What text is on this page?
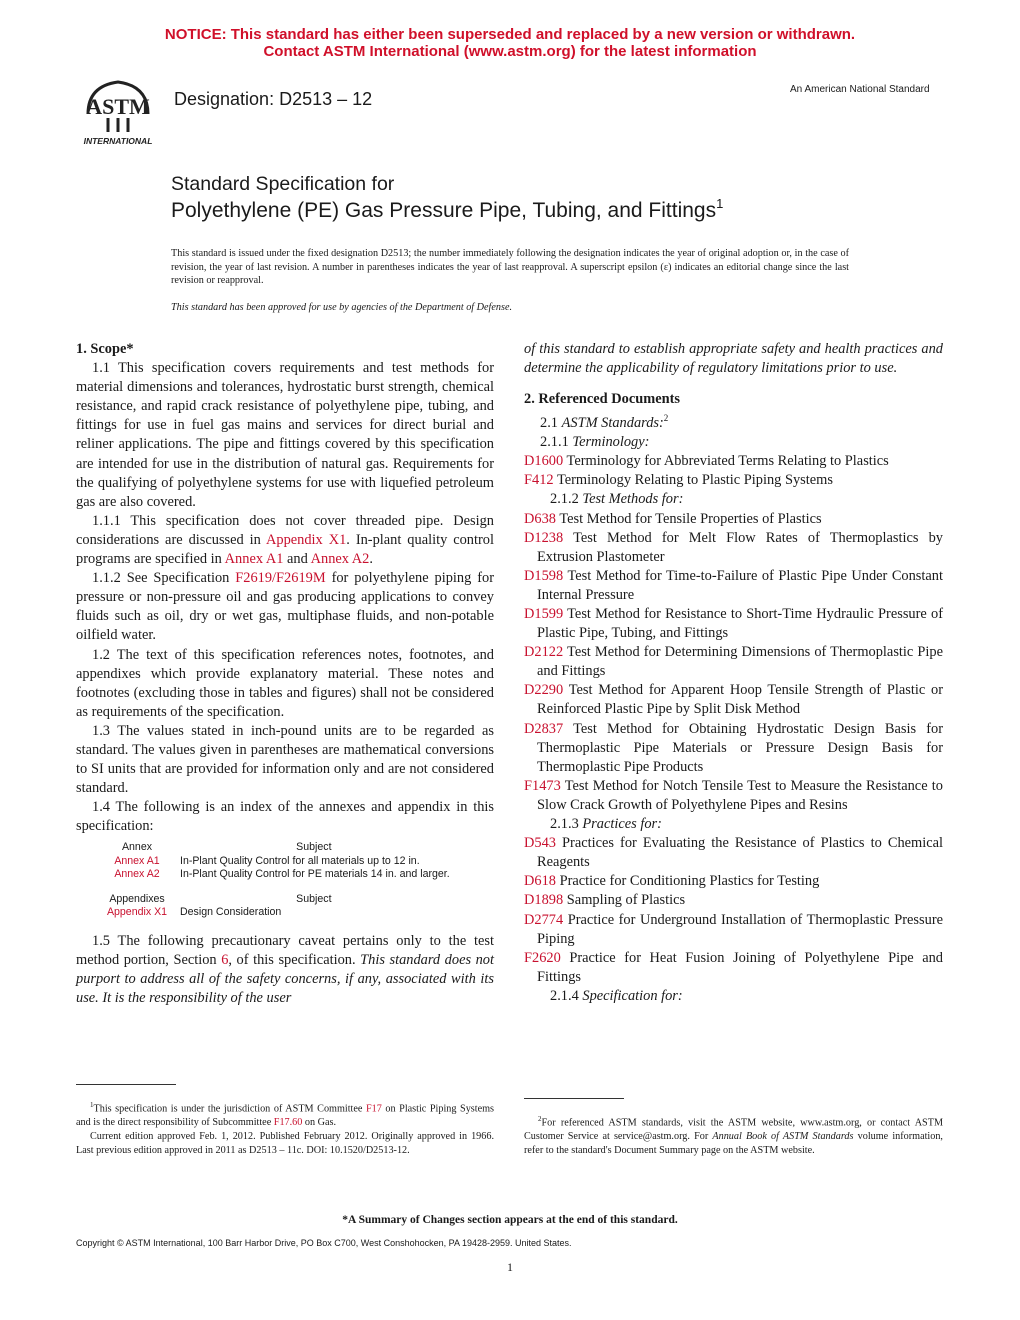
NOTICE: This standard has either been superseded and replaced by a new version or withdrawn.
Contact ASTM International (www.astm.org) for the latest information
ASTM
INTERNATIONAL
Designation: D2513 – 12	An American National Standard
Standard Specification for
Polyethylene (PE) Gas Pressure Pipe, Tubing, and Fittings$^1$
This standard is issued under the fixed designation D2513; the number immediately following the designation indicates the year of original adoption or, in the case of revision, the year of last revision. A number in parentheses indicates the year of last reapproval. A superscript epsilon (ε) indicates an editorial change since the last revision or reapproval.
This standard has been approved for use by agencies of the Department of Defense.

1. Scope*

1.1 This specification covers requirements and test methods for material dimensions and tolerances, hydrostatic burst strength, chemical resistance, and rapid crack resistance of polyethylene pipe, tubing, and fittings for use in fuel gas mains and services for direct burial and reliner applications. The pipe and fittings covered by this specification are intended for use in the distribution of natural gas. Requirements for the qualifying of polyethylene systems for use with liquefied petroleum gas are also covered.

1.1.1 This specification does not cover threaded pipe. Design considerations are discussed in Appendix X1. In-plant quality control programs are specified in Annex A1 and Annex A2.

1.1.2 See Specification F2619/F2619M for polyethylene piping for pressure or non-pressure oil and gas producing applications to convey fluids such as oil, dry or wet gas, multiphase fluids, and non-potable oilfield water.

1.2 The text of this specification references notes, footnotes, and appendixes which provide explanatory material. These notes and footnotes (excluding those in tables and figures) shall not be considered as requirements of the specification.

1.3 The values stated in inch-pound units are to be regarded as standard. The values given in parentheses are mathematical conversions to SI units that are provided for information only and are not considered standard.

1.4 The following is an index of the annexes and appendix in this specification:

Annex	Subject
Annex A1	In-Plant Quality Control for all materials up to 12 in.
Annex A2	In-Plant Quality Control for PE materials 14 in. and larger.

Appendixes	Subject
Appendix X1	Design Consideration

1.5 The following precautionary caveat pertains only to the test method portion, Section 6, of this specification. This standard does not purport to address all of the safety concerns, if any, associated with its use. It is the responsibility of the user

of this standard to establish appropriate safety and health practices and determine the applicability of regulatory limitations prior to use.

2. Referenced Documents

2.1 ASTM Standards:$^2$

2.1.1 Terminology:

D1600 Terminology for Abbreviated Terms Relating to Plastics

F412 Terminology Relating to Plastic Piping Systems

2.1.2 Test Methods for:

D638 Test Method for Tensile Properties of Plastics

D1238 Test Method for Melt Flow Rates of Thermoplastics by Extrusion Plastometer

D1598 Test Method for Time-to-Failure of Plastic Pipe Under Constant Internal Pressure

D1599 Test Method for Resistance to Short-Time Hydraulic Pressure of Plastic Pipe, Tubing, and Fittings

D2122 Test Method for Determining Dimensions of Thermoplastic Pipe and Fittings

D2290 Test Method for Apparent Hoop Tensile Strength of Plastic or Reinforced Plastic Pipe by Split Disk Method

D2837 Test Method for Obtaining Hydrostatic Design Basis for Thermoplastic Pipe Materials or Pressure Design Basis for Thermoplastic Pipe Products

F1473 Test Method for Notch Tensile Test to Measure the Resistance to Slow Crack Growth of Polyethylene Pipes and Resins

2.1.3 Practices for:

D543 Practices for Evaluating the Resistance of Plastics to Chemical Reagents

D618 Practice for Conditioning Plastics for Testing

D1898 Sampling of Plastics

D2774 Practice for Underground Installation of Thermoplastic Pressure Piping

F2620 Practice for Heat Fusion Joining of Polyethylene Pipe and Fittings

2.1.4 Specification for:

$^1$This specification is under the jurisdiction of ASTM Committee F17 on Plastic Piping Systems and is the direct responsibility of Subcommittee F17.60 on Gas.
Current edition approved Feb. 1, 2012. Published February 2012. Originally approved in 1966. Last previous edition approved in 2011 as D2513 – 11c. DOI: 10.1520/D2513-12.
$^2$For referenced ASTM standards, visit the ASTM website, www.astm.org, or contact ASTM Customer Service at service@astm.org. For Annual Book of ASTM Standards volume information, refer to the standard's Document Summary page on the ASTM website.
*A Summary of Changes section appears at the end of this standard.
Copyright © ASTM International, 100 Barr Harbor Drive, PO Box C700, West Conshohocken, PA 19428-2959. United States.
1
